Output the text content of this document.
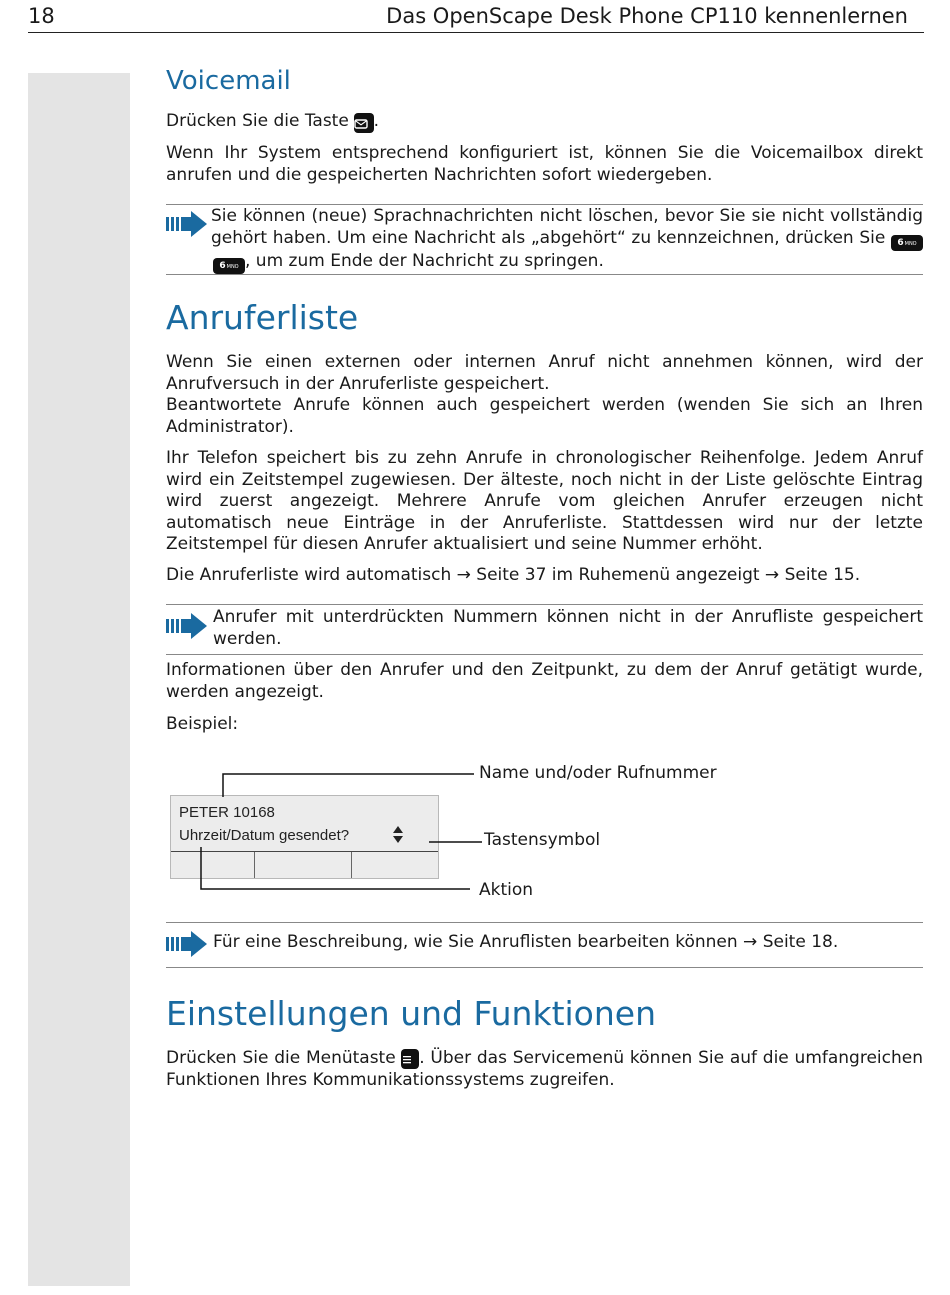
18	Das OpenScape Desk Phone CP110 kennenlernen
Voicemail

Drücken Sie die Taste .

Wenn Ihr System entsprechend konfiguriert ist, können Sie die Voicemailbox direkt anrufen und die gespeicherten Nachrichten sofort wiedergeben.

Sie können (neue) Sprachnachrichten nicht löschen, bevor Sie sie nicht vollständig gehört haben. Um eine Nachricht als „abgehört“ zu kennzeichnen, drücken Sie 6MNO6MNO , um zum Ende der Nachricht zu springen.
Anruferliste

Wenn Sie einen externen oder internen Anruf nicht annehmen können, wird der Anrufversuch in der Anruferliste gespeichert.
Beantwortete Anrufe können auch gespeichert werden (wenden Sie sich an Ihren Administrator).

Ihr Telefon speichert bis zu zehn Anrufe in chronologischer Reihenfolge. Jedem Anruf wird ein Zeitstempel zugewiesen. Der älteste, noch nicht in der Liste gelöschte Eintrag wird zuerst angezeigt. Mehrere Anrufe vom gleichen Anrufer erzeugen nicht automatisch neue Einträge in der Anruferliste. Stattdessen wird nur der letzte Zeitstempel für diesen Anrufer aktualisiert und seine Nummer erhöht.

Die Anruferliste wird automatisch → Seite 37 im Ruhemenü angezeigt → Seite 15.

Anrufer mit unterdrückten Nummern können nicht in der Anrufliste gespeichert werden.

Informationen über den Anrufer und den Zeitpunkt, zu dem der Anruf getätigt wurde, werden angezeigt.

Beispiel:

PETER 10168
Uhrzeit/Datum gesendet?
Name und/oder Rufnummer
Tastensymbol
Aktion
Für eine Beschreibung, wie Sie Anruflisten bearbeiten können → Seite 18.
Einstellungen und Funktionen

Drücken Sie die Menütaste . Über das Servicemenü können Sie auf die umfangreichen Funktionen Ihres Kommunikationssystems zugreifen.
